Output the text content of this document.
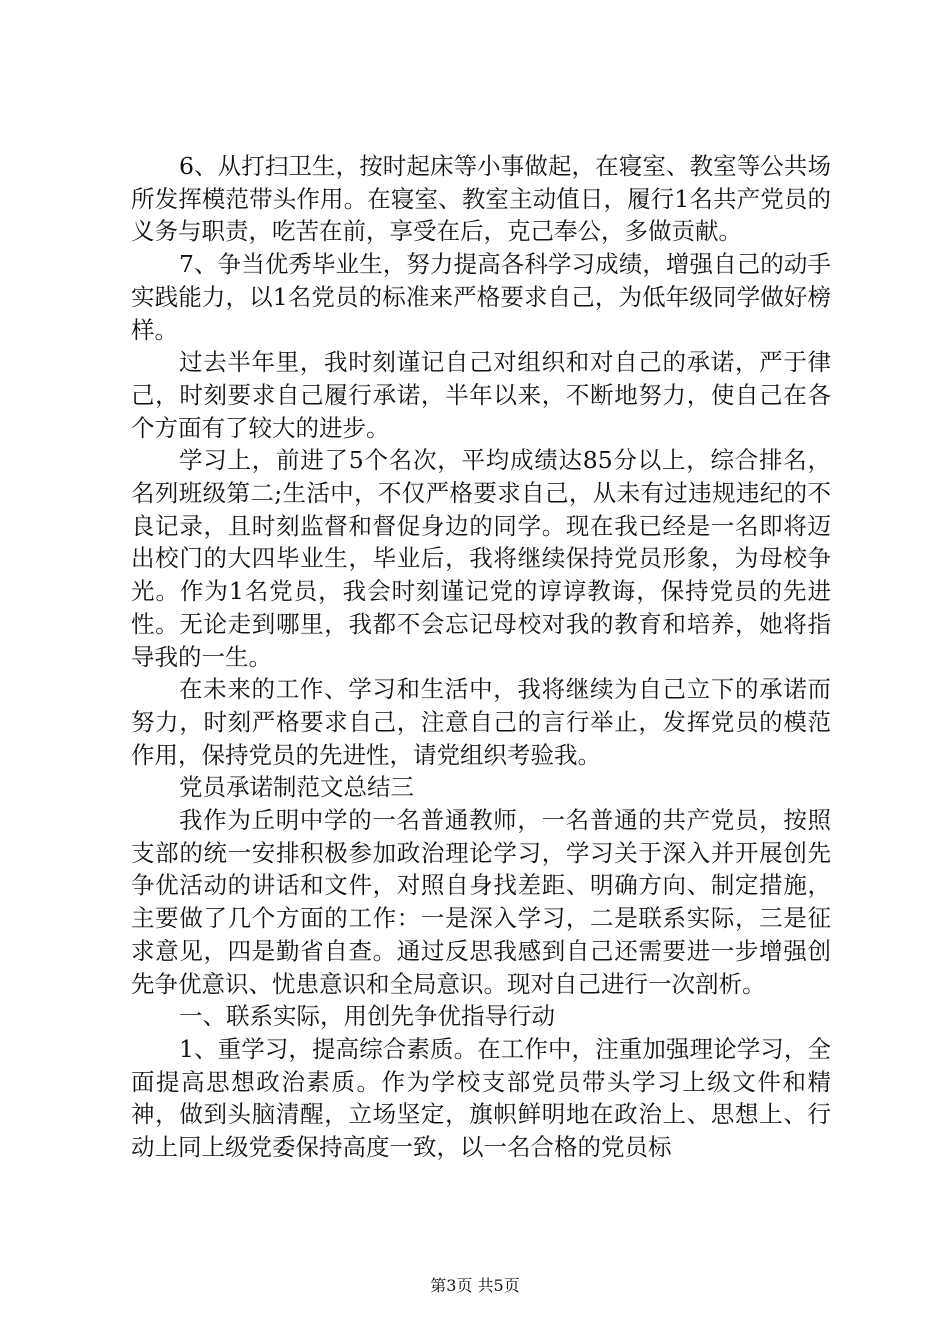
6、从打扫卫生，按时起床等小事做起，在寝室、教室等公共场所发挥模范带头作用。在寝室、教室主动值日，履行1名共产党员的义务与职责，吃苦在前，享受在后，克己奉公，多做贡献。

7、争当优秀毕业生，努力提高各科学习成绩，增强自己的动手实践能力，以1名党员的标准来严格要求自己，为低年级同学做好榜样。

过去半年里，我时刻谨记自己对组织和对自己的承诺，严于律己，时刻要求自己履行承诺，半年以来，不断地努力，使自己在各个方面有了较大的进步。

学习上，前进了5个名次，平均成绩达85分以上，综合排名，名列班级第二;生活中，不仅严格要求自己，从未有过违规违纪的不良记录，且时刻监督和督促身边的同学。现在我已经是一名即将迈出校门的大四毕业生，毕业后，我将继续保持党员形象，为母校争光。作为1名党员，我会时刻谨记党的谆谆教诲，保持党员的先进性。无论走到哪里，我都不会忘记母校对我的教育和培养，她将指导我的一生。

在未来的工作、学习和生活中，我将继续为自己立下的承诺而努力，时刻严格要求自己，注意自己的言行举止，发挥党员的模范作用，保持党员的先进性，请党组织考验我。

党员承诺制范文总结三

我作为丘明中学的一名普通教师，一名普通的共产党员，按照支部的统一安排积极参加政治理论学习，学习关于深入并开展创先争优活动的讲话和文件，对照自身找差距、明确方向、制定措施，主要做了几个方面的工作：一是深入学习，二是联系实际，三是征求意见，四是勤省自查。通过反思我感到自己还需要进一步增强创先争优意识、忧患意识和全局意识。现对自己进行一次剖析。

一、联系实际，用创先争优指导行动

1、重学习，提高综合素质。在工作中，注重加强理论学习，全面提高思想政治素质。作为学校支部党员带头学习上级文件和精神，做到头脑清醒，立场坚定，旗帜鲜明地在政治上、思想上、行动上同上级党委保持高度一致，以一名合格的党员标

第3页 共5页
